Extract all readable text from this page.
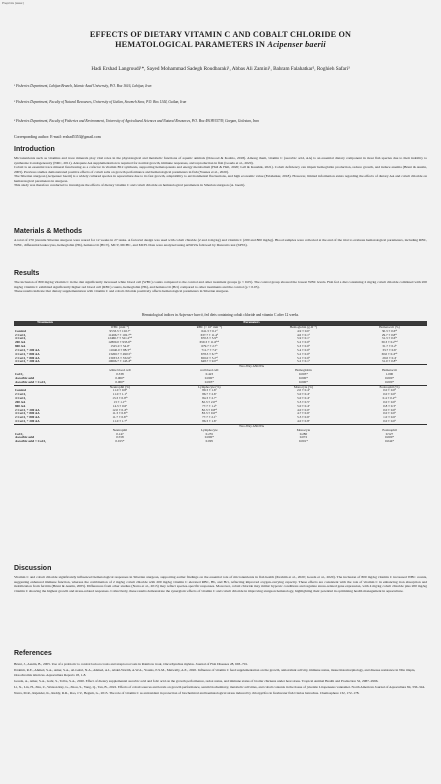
Preprints (www.)
EFFECTS OF DIETARY VITAMIN C AND COBALT CHLORIDE ON
HEMATOLOGICAL PARAMETERS IN Acipenser baerii
Hadi Ershad Langroudi¹*, Sayed Mohammad Sadegh Roudbaraki¹, Abbas Ali Zamini¹, Bahram Falahatkar², Roghieh Safari³
¹ Fisheries Department, Lahijan Branch, Islamic Azad University, P.O. Box 1616, Lahijan, Iran
² Fisheries Department, Faculty of Natural Resources, University of Guilan, Sowmeh Sara, P.O. Box 1144, Guilan, Iran
³ Fisheries Department, Faculty of Fisheries and Environment, University of Agricultural Sciences and Natural Resources, P.O. Box 4918915739, Gorgan, Golestan, Iran
Corresponding author: E-mail: ershad5353@gmail.com
Introduction

Micronutrients such as vitamins and trace minerals play vital roles in the physiological and metabolic functions of aquatic animals (Dawood & Koshio, 2018). Among them, vitamin C (ascorbic acid, AA) is an essential dietary component in most fish species due to their inability to synthesize it endogenously (NRC, 2011). Adequate AA supplementation is required for normal growth, immune responses, and reproduction in fish (Gouda et al., 2020).

Cobalt is an essential trace mineral functioning as a cofactor in vitamin B12 synthesis, supporting hematopoiesis and energy metabolism (Hall & Hall, 2020; Lall & Kaushik, 2021). Cobalt deficiency can impair hemoglobin production, reduce growth, and induce anemia (Brunt & Austin, 2005). Previous studies demonstrated positive effects of cobalt salts on growth performance and hematological parameters in fish (Younes et al., 2020).

The Siberian sturgeon (Acipenser baerii) is a widely cultured species in aquaculture due to its fast growth, adaptability to environmental fluctuations, and high economic value (Falahatkar, 2018). However, limited information exists regarding the effects of dietary AA and cobalt chloride on hematological parameters in sturgeon.

This study was therefore conducted to investigate the effects of dietary vitamin C and cobalt chloride on hematological parameters in Siberian sturgeon (A. baerii).

Materials & Methods

A total of 270 juvenile Siberian sturgeon were reared for 12 weeks in 27 tanks. A factorial design was used with cobalt chloride (2 and 4 mg/kg) and vitamin C (200 and 800 mg/kg). Blood samples were collected at the end of the trial to evaluate hematological parameters, including RBC, WBC, differential leukocytes, hemoglobin (Hb), hematocrit (HCT), MCV, MCHC, and MCH. Data were analyzed using ANOVA followed by Duncan's test (SPSS).

Results

The inclusion of 800 mg/kg vitamin C in the diet significantly increased white blood cell (WBC) counts compared to the control and other treatment groups (p < 0.05). The control group showed the lowest WBC levels. Fish fed a diet containing 2 mg/kg cobalt chloride combined with 200 mg/kg vitamin C exhibited significantly higher red blood cell (RBC) counts, hemoglobin (Hb), and hematocrit (Hct) compared to other treatments and the control (p < 0.05).

These results indicate that dietary supplementation with vitamin C and cobalt chloride positively affects hematological parameters in Siberian sturgeon.

Hematological indices in Acipenser baerii, fed diets containing cobalt chloride and vitamin C after 12 weeks.
Treatments	Parameters			
	WBC (mm⁻³)	RBC (× 10⁶ mm⁻³)	Hemoglobin (g dl⁻¹)	Hematocrit (%)
Control	9533.3 ± 102.7ᶜ	641.3 ± 6.1ᵈ	4.9 ± 0.0ᶜ	30.3 ± 0.6ᶜᵈ
2 CoCl₂	11466.7 ± 102.7ᵇᶜ	637.7 ± 11.4ᵈ	4.6 ± 0.1ᵈ	29.7 ± 0.8ᵈᵉ
4 CoCl₂	12466.7 ± 521.2ᵇᶜᵈ	670.3 ± 5.9ᵇᶜ	5.9 ± 0.1ᵃ	31.3 ± 0.6ᵇᶜ
200 AA	12800.0 ± 933.6ᵇᶜ	659.3 ± 11.6ᵇᶜᵈ	5.2 ± 0.0ᵇ	30.3 ± 0.2ᵇᶜᵈ
800 AA	1525.0 ± 54.0ᵃ	679.7 ± 2.7ᵇ	5.3 ± 0.0ᵇ	31.7 ± 0.2ᵇ
2 CoCl₂ + 200 AA	11640.0 ± 88.3ᶜᵈ	711.7 ± 7.2ᵃ	5.4 ± 0.0ᵇ	33.7 ± 0.6ᵃ
4 CoCl₂ + 800 AA	13266.7 ± 490.5ᵇ	678.3 ± 6.7ᵇᶜ	5.2 ± 0.0ᵇ	30.0 ± 0.4ᶜᵈᵉ
2 CoCl₂ + 800 AA	13033.3 ± 332.0ᵇ	656.0 ± 5.2ᶜᵈ	5.2 ± 0.0ᵇ	29.0 ± 0.4ᵉ
4 CoCl₂ + 200 AA	10666.7 ± 143.4ᵈᵉ	648.7 ± 9.0ᶜᵈ	5.2 ± 0.1ᵇ	31.0 ± 0.8ᵇᶜ
	Two-Way ANOVA			
	white blood cell	red blood cell	Hemoglobin	Hematocrit
CoCl₂	0.338	0.423	0.003*	1.000
Ascorbic acid	0.000*	0.000*	0.000*	0.000*
Ascorbic acid × CoCl₂	0.000*	0.003*	0.000*	0.000*
	Neutrophil (%)	Lymphocyte (%)	Monocyte (%)	Eosinophil (%)
Control	11.0 ± 0.8ᵇ	89.3 ± 1.6ᵃ	2.0 ± 0.4ᵇ	0.0 ± 0.0ᵇ
2 CoCl₂	11.0 ± 1.1ᵇ	86.7 ± 2.6ᵃ	5.0 ± 0.4ᵃ	0.0 ± 0.0ᵇ
4 CoCl₂	13.3 ± 0.9ᵃᵇ	84.3 ± 2.7ᵃ	5.0 ± 0.4ᵃ	0.4 ± 0.2ᵃᵇ
200 AA	13 ± 1.1ᵃᵇ	82.3 ± 2.0ᵃᵇ	5.3 ± 0.5ᵃ	0.0 ± 0.0ᵇ
800 AA	14.3 ± 0.6ᵃ	77.7 ± 1.2ᵇ	5.0 ± 0.4ᵃ	0.8 ± 0.3ᵃ
2 CoCl₂ + 200 AA	12.0 ± 0.4ᵃᵇ	82.3 ± 0.8ᵃᵇ	4.0 ± 0.0ᵃ	0.0 ± 0.0ᵇ
4 CoCl₂ + 800 AA	11.3 ± 0.6ᵃᵇ	83.3 ± 0.6ᵃᵇ	4.7 ± 0.6ᵃ	0.0 ± 0.0ᵇ
2 CoCl₂ + 800 AA	11.7 ± 0.6ᵃᵇ	77.7 ± 2.1ᵇ	5.3 ± 0.6ᵃ	1.0 ± 0.6ᵃ
4 CoCl₂ + 200 AA	11.0 ± 1.7ᵇ	86.3 ± 1.6ᵃ	4.0 ± 0.8ᵃ	0.0 ± 0.0ᵇ
	Two-Way ANOVA			
	Neutrophil	Lymphocyte	Monocyte	Eosinophil
CoCl₂	0.147	0.255	0.280	0.527
Ascorbic acid	0.558	0.000*	0.072	0.000*
Ascorbic acid × CoCl₂	0.015*	0.095	0.001*	0.044*
Discussion

Vitamin C and cobalt chloride significantly influenced hematological responses in Siberian sturgeon, supporting earlier findings on the essential role of micronutrients in fish health (Ibrahim et al., 2020; Gouda et al., 2020). The inclusion of 800 mg/kg vitamin C increased WBC counts, suggesting enhanced immune function, whereas the combination of 2 mg/kg cobalt chloride with 200 mg/kg vitamin C elevated RBC, Hb, and Hct, reflecting improved oxygen-carrying capacity. These effects are consistent with the role of vitamin C in enhancing iron absorption and mobilization from ferritin (Brunt & Austin, 2005). Differences from other studies (Narra et al., 2015) may reflect species-specific responses. Moreover, cobalt chloride may mimic hypoxic conditions and regulate stress-related gene expression, with 4 mg/kg cobalt chloride plus 200 mg/kg vitamin C showing the highest growth and stress-related responses. Collectively, these results demonstrate the synergistic effects of vitamin C and cobalt chloride in improving sturgeon hematology, highlighting their potential in optimizing health management in aquaculture.

References

Brunt, J., Austin, B., 2005. Use of a probiotic to control lactococcosis and streptococcosis in Rainbow trout, Oncorhynchus mykiss. Journal of Fish Diseases 28, 693–701.

Ibrahim, R.E., Ahmed, S.A., Amer, S.A., Al-Gabri, N.A., Ahmed, A.I., Abdel-Warith, A.W.A., Younis, E.S.M., Metwally, A.E., 2020. Influence of vitamin C feed supplementation on the growth, antioxidant activity, immune status, tissue histomorphology, and disease resistance in Nile tilapia, Oreochromis niloticus. Aquaculture Reports 18, 1-8.

Gouda, A., Amer, S.A., Gabr, S., Tolba, S.A., 2020. Effect of dietary supplemental ascorbic acid and folic acid on the growth performance, redox status, and immune status of broiler chickens under heat stress. Tropical Animal Health and Production 52, 2987–2996.

Li, X., Lin, H., Zhu, Z., Watson Ray, G., Zhou, S., Yang, Q., Tan, B., 2022. Effects of cobalt sources and levels on growth performance, serum biochemistry, metabolic activities, and cobalt contents in the tissue of juvenile Litopenaeus vannamei. North American Journal of Aquaculture 84, 336–344.

Narra, M.R., Rajender, K., Reddy, R.R., Rao, J.V., Begum, G., 2015. The role of vitamin C as antioxidant in protection of biochemical and haematological stress induced by chlorpyrifos in freshwater fish Clarias batrachus. Chemosphere 132, 172–178.
